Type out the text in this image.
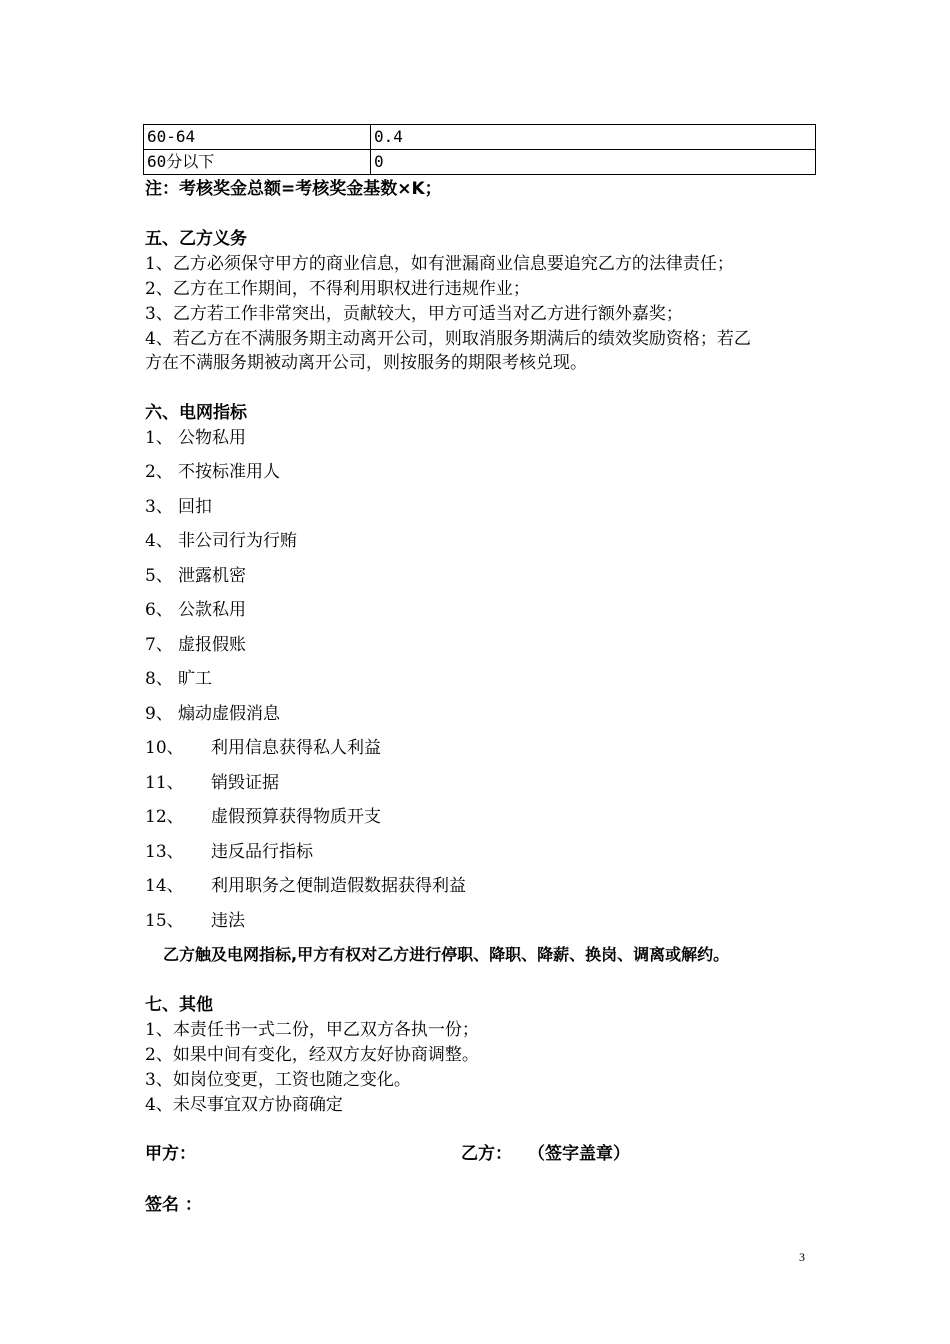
60-64	0.4
60分以下	0
注：考核奖金总额=考核奖金基数×K；
五、乙方义务
1、乙方必须保守甲方的商业信息，如有泄漏商业信息要追究乙方的法律责任；
2、乙方在工作期间，不得利用职权进行违规作业；
3、乙方若工作非常突出，贡献较大，甲方可适当对乙方进行额外嘉奖；
4、若乙方在不满服务期主动离开公司，则取消服务期满后的绩效奖励资格；若乙
方在不满服务期被动离开公司，则按服务的期限考核兑现。
六、电网指标
1、 公物私用
2、 不按标准用人
3、 回扣
4、 非公司行为行贿
5、 泄露机密
6、 公款私用
7、 虚报假账
8、 旷工
9、 煽动虚假消息
10、 利用信息获得私人利益
11、 销毁证据
12、 虚假预算获得物质开支
13、 违反品行指标
14、 利用职务之便制造假数据获得利益
15、 违法
乙方触及电网指标,甲方有权对乙方进行停职、降职、降薪、换岗、调离或解约。
七、其他
1、本责任书一式二份，甲乙双方各执一份；
2、如果中间有变化，经双方友好协商调整。
3、如岗位变更，工资也随之变化。
4、未尽事宜双方协商确定
甲方：	乙方： （签字盖章）
签名 ：
3
